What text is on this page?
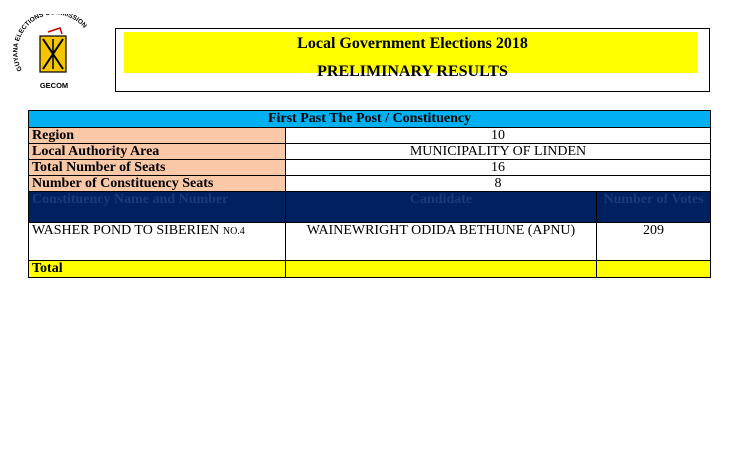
GUYANA ELECTIONS ISSION
GECOM
Local Government Elections 2018
PRELIMINARY RESULTS
First Past The Post / Constituency		
Region	10	
Local Authority Area	MUNICIPALITY OF LINDEN	
Total Number of Seats	16	
Number of Constituency Seats	8	
Constituency Name and Number	Candidate	Number of Votes
WASHER POND TO SIBERIEN NO.4	WAINEWRIGHT ODIDA BETHUNE (APNU)	209
Total		
